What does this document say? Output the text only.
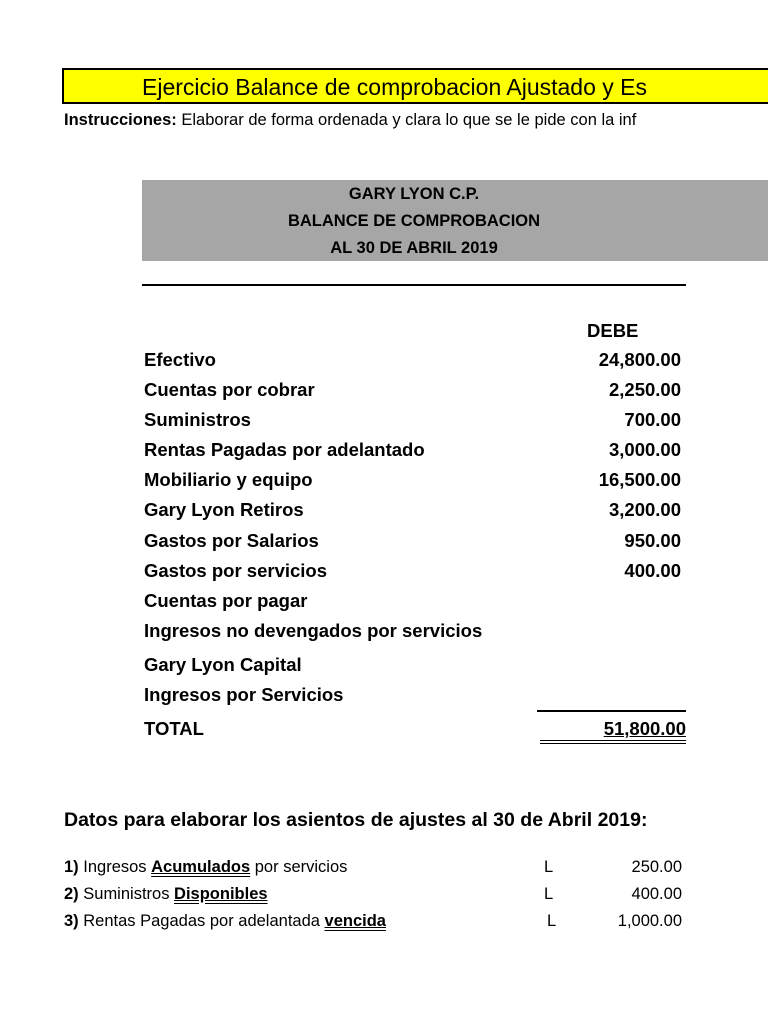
Ejercicio Balance de comprobacion Ajustado y Es
Instrucciones: Elaborar de forma ordenada y clara lo que se le pide con la inf
GARY LYON C.P.
BALANCE DE COMPROBACION
AL 30 DE ABRIL 2019
DEBE
Efectivo	24,800.00
Cuentas por cobrar	2,250.00
Suministros	700.00
Rentas Pagadas por adelantado	3,000.00
Mobiliario y equipo	16,500.00
Gary Lyon Retiros	3,200.00
Gastos por Salarios	950.00
Gastos por servicios	400.00
Cuentas por pagar
Ingresos no devengados por servicios
Gary Lyon Capital
Ingresos por Servicios
TOTAL	51,800.00
Datos para elaborar los asientos de ajustes al 30 de Abril 2019:
1) Ingresos Acumulados por servicios	L	250.00
2) Suministros Disponibles	L	400.00
3) Rentas Pagadas por adelantada vencida	L	1,000.00
